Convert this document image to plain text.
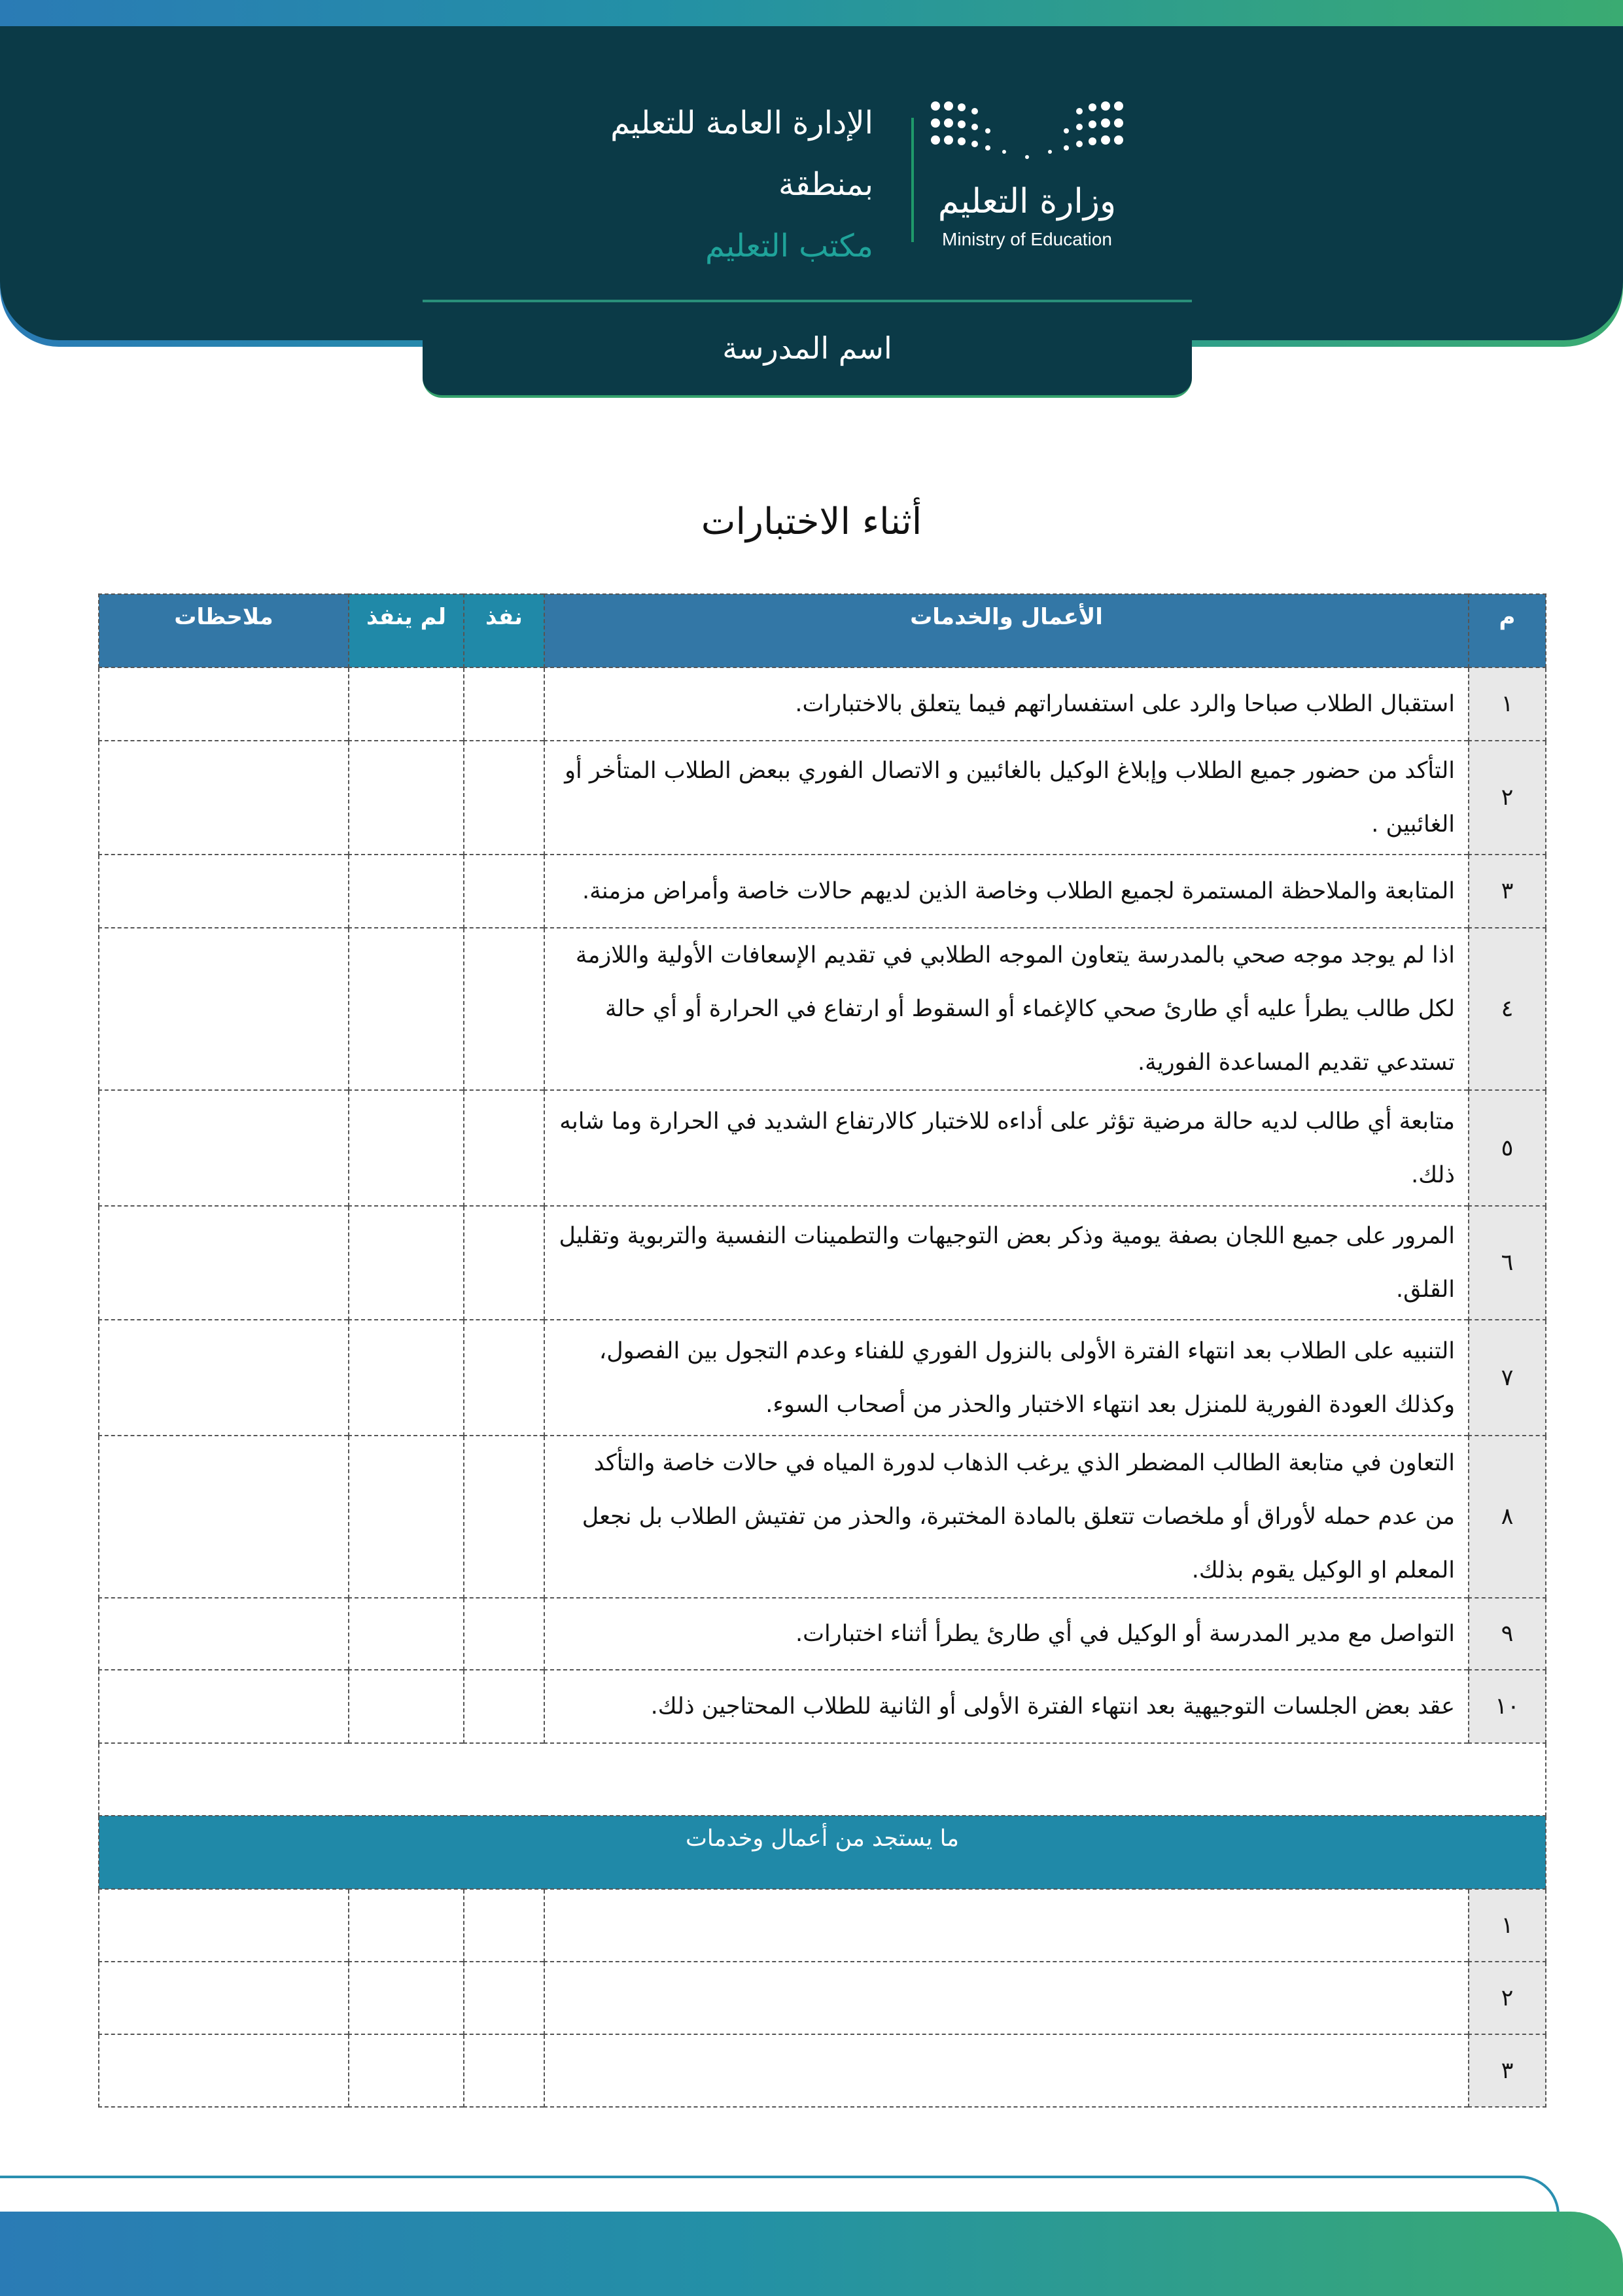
وزارة التعليم
Ministry of Education
الإدارة العامة للتعليم
بمنطقة
مكتب التعليم
اسم المدرسة
أثناء الاختبارات
م	الأعمال والخدمات	نفذ	لم ينفذ	ملاحظات
١	استقبال الطلاب صباحا والرد على استفساراتهم فيما يتعلق بالاختبارات.			
٢	التأكد من حضور جميع الطلاب وإبلاغ الوكيل بالغائبين و الاتصال الفوري ببعض الطلاب المتأخر أو الغائبين .			
٣	المتابعة والملاحظة المستمرة لجميع الطلاب وخاصة الذين لديهم حالات خاصة وأمراض مزمنة.			
٤	اذا لم يوجد موجه صحي بالمدرسة يتعاون الموجه الطلابي في تقديم الإسعافات الأولية واللازمة لكل طالب يطرأ عليه أي طارئ صحي كالإغماء أو السقوط أو ارتفاع في الحرارة أو أي حالة تستدعي تقديم المساعدة الفورية.			
٥	متابعة أي طالب لديه حالة مرضية تؤثر على أداءه للاختبار كالارتفاع الشديد في الحرارة وما شابه ذلك.			
٦	المرور على جميع اللجان بصفة يومية وذكر بعض التوجيهات والتطمينات النفسية والتربوية وتقليل القلق.			
٧	التنبيه على الطلاب بعد انتهاء الفترة الأولى بالنزول الفوري للفناء وعدم التجول بين الفصول، وكذلك العودة الفورية للمنزل بعد انتهاء الاختبار والحذر من أصحاب السوء.			
٨	التعاون في متابعة الطالب المضطر الذي يرغب الذهاب لدورة المياه في حالات خاصة والتأكد من عدم حمله لأوراق أو ملخصات تتعلق بالمادة المختبرة، والحذر من تفتيش الطلاب بل نجعل المعلم او الوكيل يقوم بذلك.			
٩	التواصل مع مدير المدرسة أو الوكيل في أي طارئ يطرأ أثناء اختبارات.			
١٠	عقد بعض الجلسات التوجيهية بعد انتهاء الفترة الأولى أو الثانية للطلاب المحتاجين ذلك.			

ما يستجد من أعمال وخدمات				
١				
٢				
٣				
